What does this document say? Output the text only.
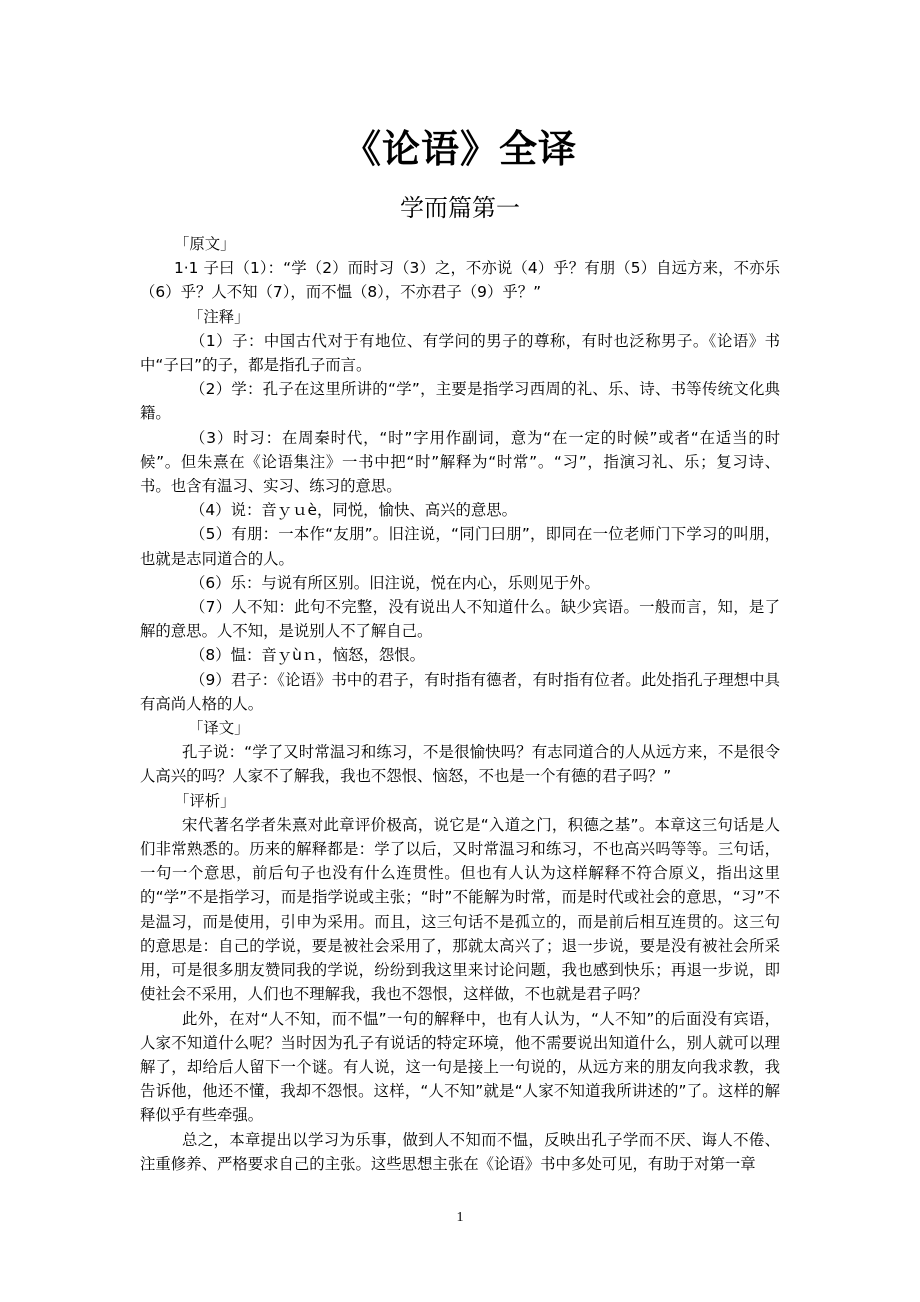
《论语》全译
学而篇第一

「原文」

1·1 子曰（1）：“学（2）而时习（3）之，不亦说（4）乎？有朋（5）自远方来，不亦乐（6）乎？人不知（7），而不愠（8），不亦君子（9）乎？”

「注释」

（1）子：中国古代对于有地位、有学问的男子的尊称，有时也泛称男子。《论语》书中“子曰”的子，都是指孔子而言。

（2）学：孔子在这里所讲的“学”，主要是指学习西周的礼、乐、诗、书等传统文化典籍。

（3）时习：在周秦时代，“时”字用作副词，意为“在一定的时候”或者“在适当的时候”。但朱熹在《论语集注》一书中把“时”解释为“时常”。“习”，指演习礼、乐；复习诗、书。也含有温习、实习、练习的意思。

（4）说：音ｙｕè，同悦，愉快、高兴的意思。

（5）有朋：一本作“友朋”。旧注说，“同门曰朋”，即同在一位老师门下学习的叫朋，也就是志同道合的人。

（6）乐：与说有所区别。旧注说，悦在内心，乐则见于外。

（7）人不知：此句不完整，没有说出人不知道什么。缺少宾语。一般而言，知，是了解的意思。人不知，是说别人不了解自己。

（8）愠：音ｙùｎ，恼怒，怨恨。

（9）君子：《论语》书中的君子，有时指有德者，有时指有位者。此处指孔子理想中具有高尚人格的人。

「译文」

孔子说：“学了又时常温习和练习，不是很愉快吗？有志同道合的人从远方来，不是很令人高兴的吗？人家不了解我，我也不怨恨、恼怒，不也是一个有德的君子吗？”

「评析」

宋代著名学者朱熹对此章评价极高，说它是“入道之门，积德之基”。本章这三句话是人们非常熟悉的。历来的解释都是：学了以后，又时常温习和练习，不也高兴吗等等。三句话，一句一个意思，前后句子也没有什么连贯性。但也有人认为这样解释不符合原义，指出这里的“学”不是指学习，而是指学说或主张；“时”不能解为时常，而是时代或社会的意思，“习”不是温习，而是使用，引申为采用。而且，这三句话不是孤立的，而是前后相互连贯的。这三句的意思是：自己的学说，要是被社会采用了，那就太高兴了；退一步说，要是没有被社会所采用，可是很多朋友赞同我的学说，纷纷到我这里来讨论问题，我也感到快乐；再退一步说，即使社会不采用，人们也不理解我，我也不怨恨，这样做，不也就是君子吗？

此外，在对“人不知，而不愠”一句的解释中，也有人认为，“人不知”的后面没有宾语，人家不知道什么呢？当时因为孔子有说话的特定环境，他不需要说出知道什么，别人就可以理解了，却给后人留下一个谜。有人说，这一句是接上一句说的，从远方来的朋友向我求教，我告诉他，他还不懂，我却不怨恨。这样，“人不知”就是“人家不知道我所讲述的”了。这样的解释似乎有些牵强。

总之，本章提出以学习为乐事，做到人不知而不愠，反映出孔子学而不厌、诲人不倦、注重修养、严格要求自己的主张。这些思想主张在《论语》书中多处可见，有助于对第一章

1
